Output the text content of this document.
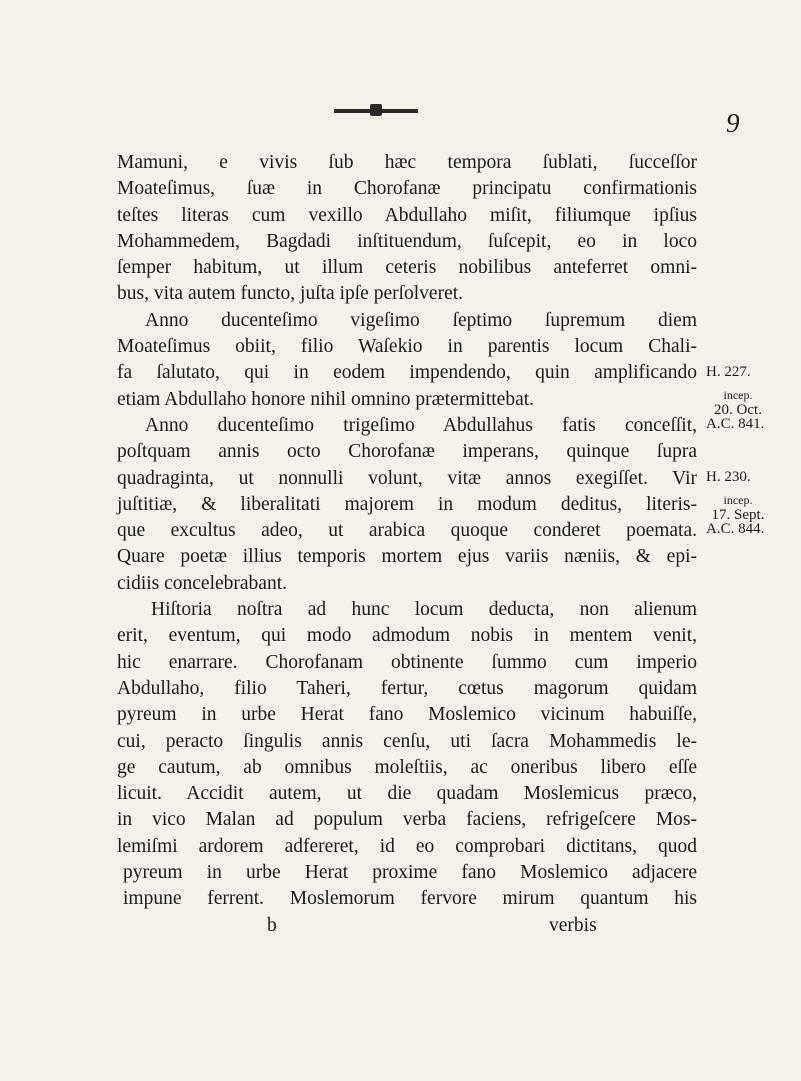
9
Mamuni, e vivis ſub hæc tempora ſublati, ſucceſſor
Moateſimus, ſuæ in Chorofanæ principatu confirmationis
teſtes literas cum vexillo Abdullaho miſit, filiumque ipſius
Mohammedem, Bagdadi inſtituendum, ſuſcepit, eo in loco
ſemper habitum, ut illum ceteris nobilibus anteferret omni-
bus, vita autem functo, juſta ipſe perſolveret.
Anno ducenteſimo vigeſimo ſeptimo ſupremum diem
Moateſimus obiit, filio Waſekio in parentis locum Chali-
fa ſalutato, qui in eodem impendendo, quin amplificando
etiam Abdullaho honore nihil omnino prætermittebat.
Anno ducenteſimo trigeſimo Abdullahus fatis conceſſit,
poſtquam annis octo Chorofanæ imperans, quinque ſupra
quadraginta, ut nonnulli volunt, vitæ annos exegiſſet. Vir
juſtitiæ, & liberalitati majorem in modum deditus, literis-
que excultus adeo, ut arabica quoque conderet poemata.
Quare poetæ illius temporis mortem ejus variis næniis, & epi-
cidiis concelebrabant.
Hiſtoria noſtra ad hunc locum deducta, non alienum
erit, eventum, qui modo admodum nobis in mentem venit,
hic enarrare. Chorofanam obtinente ſummo cum imperio
Abdullaho, filio Taheri, fertur, cœtus magorum quidam
pyreum in urbe Herat fano Moslemico vicinum habuiſſe,
cui, peracto ſingulis annis cenſu, uti ſacra Mohammedis le-
ge cautum, ab omnibus moleſtiis, ac oneribus libero eſſe
licuit. Accidit autem, ut die quadam Moslemicus præco,
in vico Malan ad populum verba faciens, refrigeſcere Mos-
lemiſmi ardorem adfereret, id eo comprobari dictitans, quod
pyreum in urbe Herat proxime fano Moslemico adjacere
impune ferrent. Moslemorum fervore mirum quantum his
b	verbis
H. 227.
incep.
20. Oct.
A.C. 841.
H. 230.
incep.
17. Sept.
A.C. 844.
